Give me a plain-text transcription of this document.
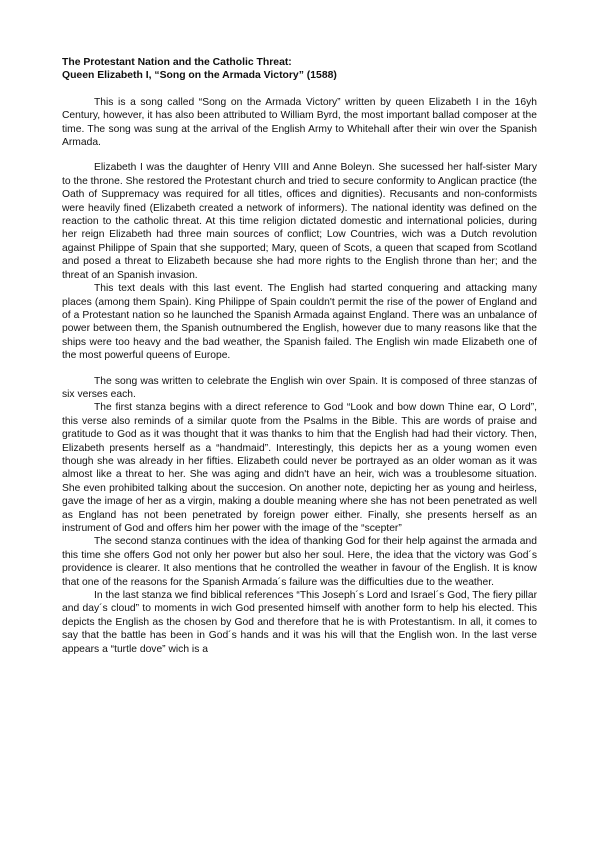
The Protestant Nation and the Catholic Threat:
Queen Elizabeth I, “Song on the Armada Victory” (1588)

This is a song called “Song on the Armada Victory” written by queen Elizabeth I in the 16yh Century, however, it has also been attributed to William Byrd, the most important ballad composer at the time. The song was sung at the arrival of the English Army to Whitehall after their win over the Spanish Armada.

Elizabeth I was the daughter of Henry VIII and Anne Boleyn. She sucessed her half-sister Mary to the throne. She restored the Protestant church and tried to secure conformity to Anglican practice (the Oath of Suppremacy was required for all titles, offices and dignities). Recusants and non-conformists were heavily fined (Elizabeth created a network of informers). The national identity was defined on the reaction to the catholic threat. At this time religion dictated domestic and international policies, during her reign Elizabeth had three main sources of conflict; Low Countries, wich was a Dutch revolution against Philippe of Spain that she supported; Mary, queen of Scots, a queen that scaped from Scotland and posed a threat to Elizabeth because she had more rights to the English throne than her; and the threat of an Spanish invasion.

This text deals with this last event. The English had started conquering and attacking many places (among them Spain). King Philippe of Spain couldn't permit the rise of the power of England and of a Protestant nation so he launched the Spanish Armada against England. There was an unbalance of power between them, the Spanish outnumbered the English, however due to many reasons like that the ships were too heavy and the bad weather, the Spanish failed. The English win made Elizabeth one of the most powerful queens of Europe.

The song was written to celebrate the English win over Spain. It is composed of three stanzas of six verses each.

The first stanza begins with a direct reference to God “Look and bow down Thine ear, O Lord”, this verse also reminds of a similar quote from the Psalms in the Bible. This are words of praise and gratitude to God as it was thought that it was thanks to him that the English had had their victory. Then, Elizabeth presents herself as a “handmaid”. Interestingly, this depicts her as a young women even though she was already in her fifties. Elizabeth could never be portrayed as an older woman as it was almost like a threat to her. She was aging and didn't have an heir, wich was a troublesome situation. She even prohibited talking about the succesion. On another note, depicting her as young and heirless, gave the image of her as a virgin, making a double meaning where she has not been penetrated as well as England has not been penetrated by foreign power either. Finally, she presents herself as an instrument of God and offers him her power with the image of the “scepter”

The second stanza continues with the idea of thanking God for their help against the armada and this time she offers God not only her power but also her soul. Here, the idea that the victory was God´s providence is clearer. It also mentions that he controlled the weather in favour of the English. It is know that one of the reasons for the Spanish Armada´s failure was the difficulties due to the weather.

In the last stanza we find biblical references “This Joseph´s Lord and Israel´s God, The fiery pillar and day´s cloud” to moments in wich God presented himself with another form to help his elected. This depicts the English as the chosen by God and therefore that he is with Protestantism. In all, it comes to say that the battle has been in God´s hands and it was his will that the English won. In the last verse appears a “turtle dove” wich is a
